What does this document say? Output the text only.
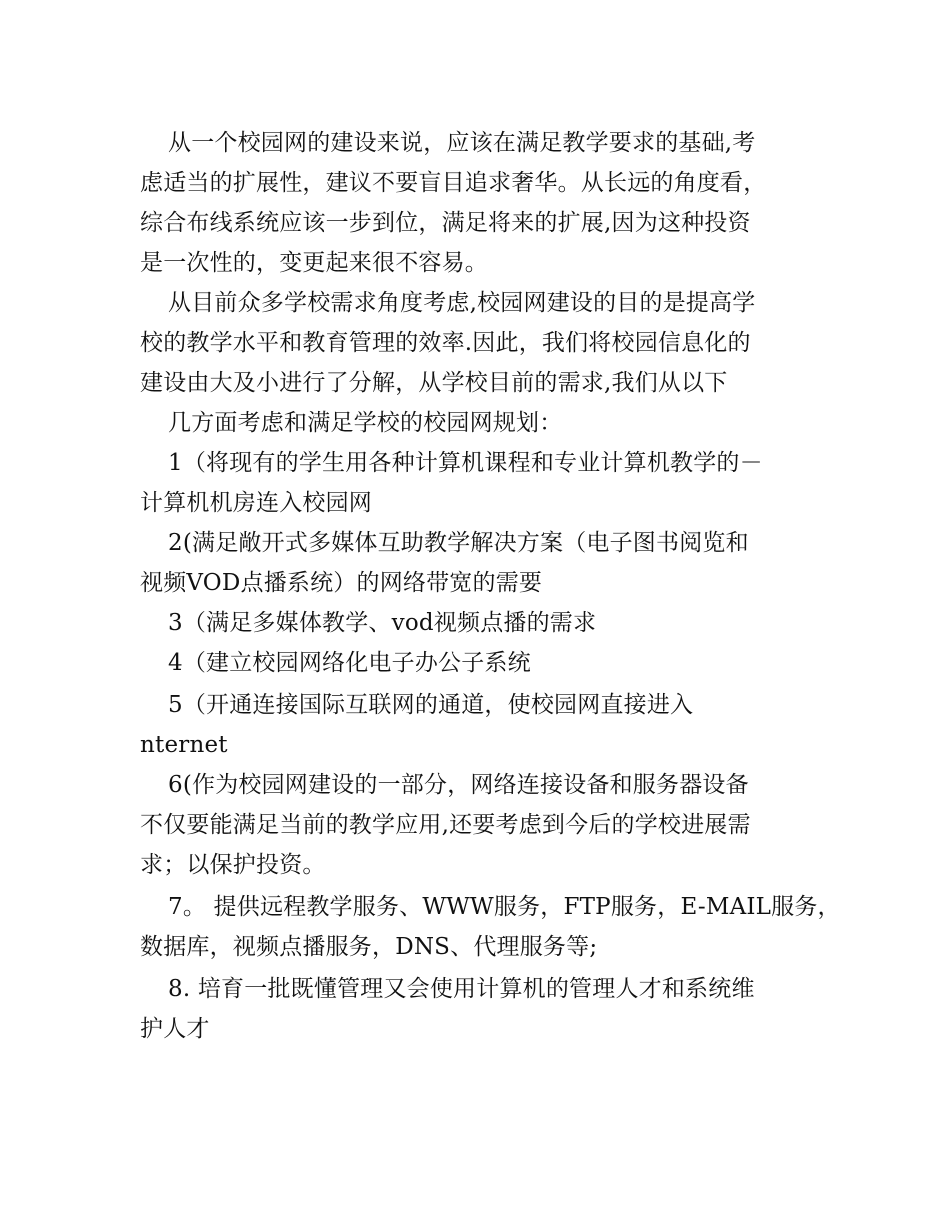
从一个校园网的建设来说，应该在满足教学要求的基础,考
虑适当的扩展性，建议不要盲目追求奢华。从长远的角度看，
综合布线系统应该一步到位，满足将来的扩展,因为这种投资
是一次性的，变更起来很不容易。
从目前众多学校需求角度考虑,校园网建设的目的是提高学
校的教学水平和教育管理的效率.因此，我们将校园信息化的
建设由大及小进行了分解，从学校目前的需求,我们从以下
几方面考虑和满足学校的校园网规划：
1（将现有的学生用各种计算机课程和专业计算机教学的－
计算机机房连入校园网
2(满足敞开式多媒体互助教学解决方案（电子图书阅览和
视频VOD点播系统）的网络带宽的需要
3（满足多媒体教学、vod视频点播的需求
4（建立校园网络化电子办公子系统
5（开通连接国际互联网的通道，使校园网直接进入
nternet
6(作为校园网建设的一部分，网络连接设备和服务器设备
不仅要能满足当前的教学应用,还要考虑到今后的学校进展需
求；以保护投资。
7。 提供远程教学服务、WWW服务，FTP服务，E-MAIL服务，
数据库，视频点播服务，DNS、代理服务等;
8. 培育一批既懂管理又会使用计算机的管理人才和系统维
护人才
